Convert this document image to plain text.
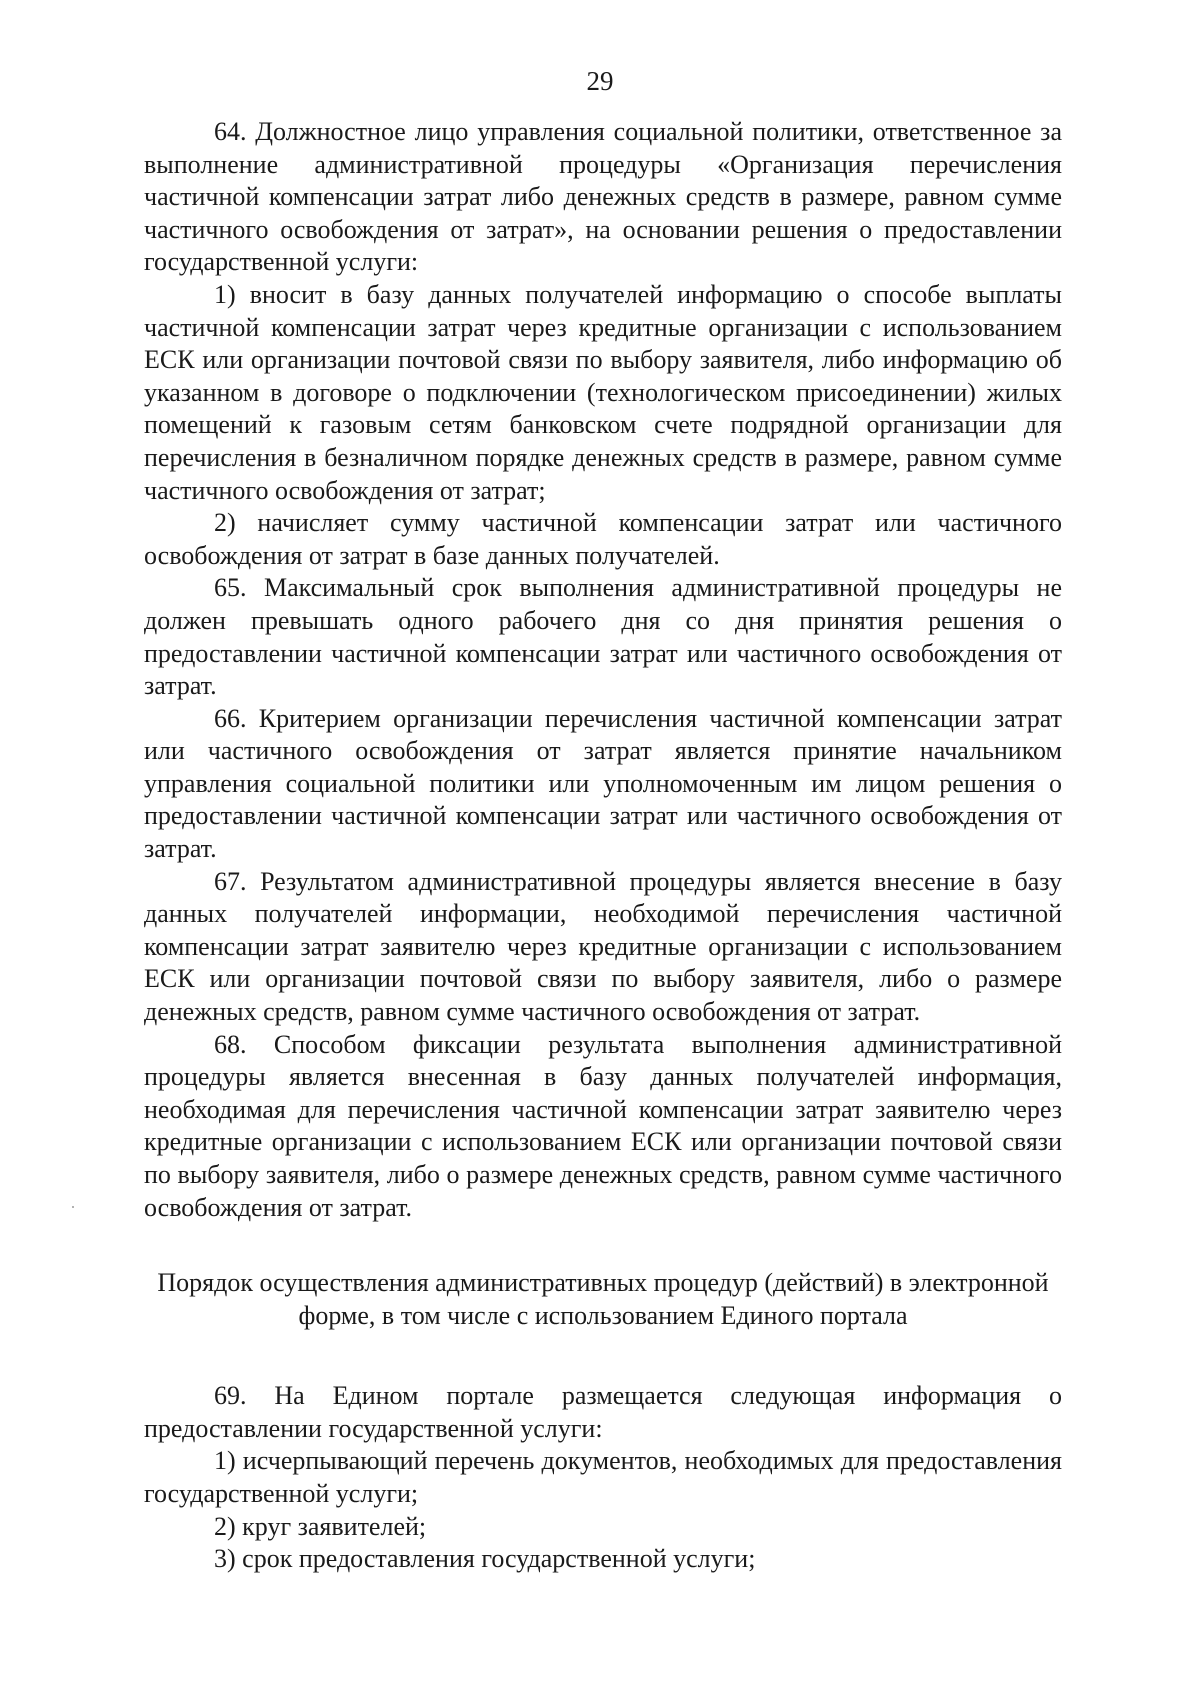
29

64. Должностное лицо управления социальной политики, ответственное за выполнение административной процедуры «Организация перечисления частичной компенсации затрат либо денежных средств в размере, равном сумме частичного освобождения от затрат», на основании решения о предоставлении государственной услуги:

1) вносит в базу данных получателей информацию о способе выплаты частичной компенсации затрат через кредитные организации с использованием ЕСК или организации почтовой связи по выбору заявителя, либо информацию об указанном в договоре о подключении (технологическом присоединении) жилых помещений к газовым сетям банковском счете подрядной организации для перечисления в безналичном порядке денежных средств в размере, равном сумме частичного освобождения от затрат;

2) начисляет сумму частичной компенсации затрат или частичного освобождения от затрат в базе данных получателей.

65. Максимальный срок выполнения административной процедуры не должен превышать одного рабочего дня со дня принятия решения о предоставлении частичной компенсации затрат или частичного освобождения от затрат.

66. Критерием организации перечисления частичной компенсации затрат или частичного освобождения от затрат является принятие начальником управления социальной политики или уполномоченным им лицом решения о предоставлении частичной компенсации затрат или частичного освобождения от затрат.

67. Результатом административной процедуры является внесение в базу данных получателей информации, необходимой перечисления частичной компенсации затрат заявителю через кредитные организации с использованием ЕСК или организации почтовой связи по выбору заявителя, либо о размере денежных средств, равном сумме частичного освобождения от затрат.

68. Способом фиксации результата выполнения административной процедуры является внесенная в базу данных получателей информация, необходимая для перечисления частичной компенсации затрат заявителю через кредитные организации с использованием ЕСК или организации почтовой связи по выбору заявителя, либо о размере денежных средств, равном сумме частичного освобождения от затрат.

Порядок осуществления административных процедур (действий) в электронной
форме, в том числе с использованием Единого портала

69. На Едином портале размещается следующая информация о предоставлении государственной услуги:

1) исчерпывающий перечень документов, необходимых для предоставления государственной услуги;

2) круг заявителей;

3) срок предоставления государственной услуги;
